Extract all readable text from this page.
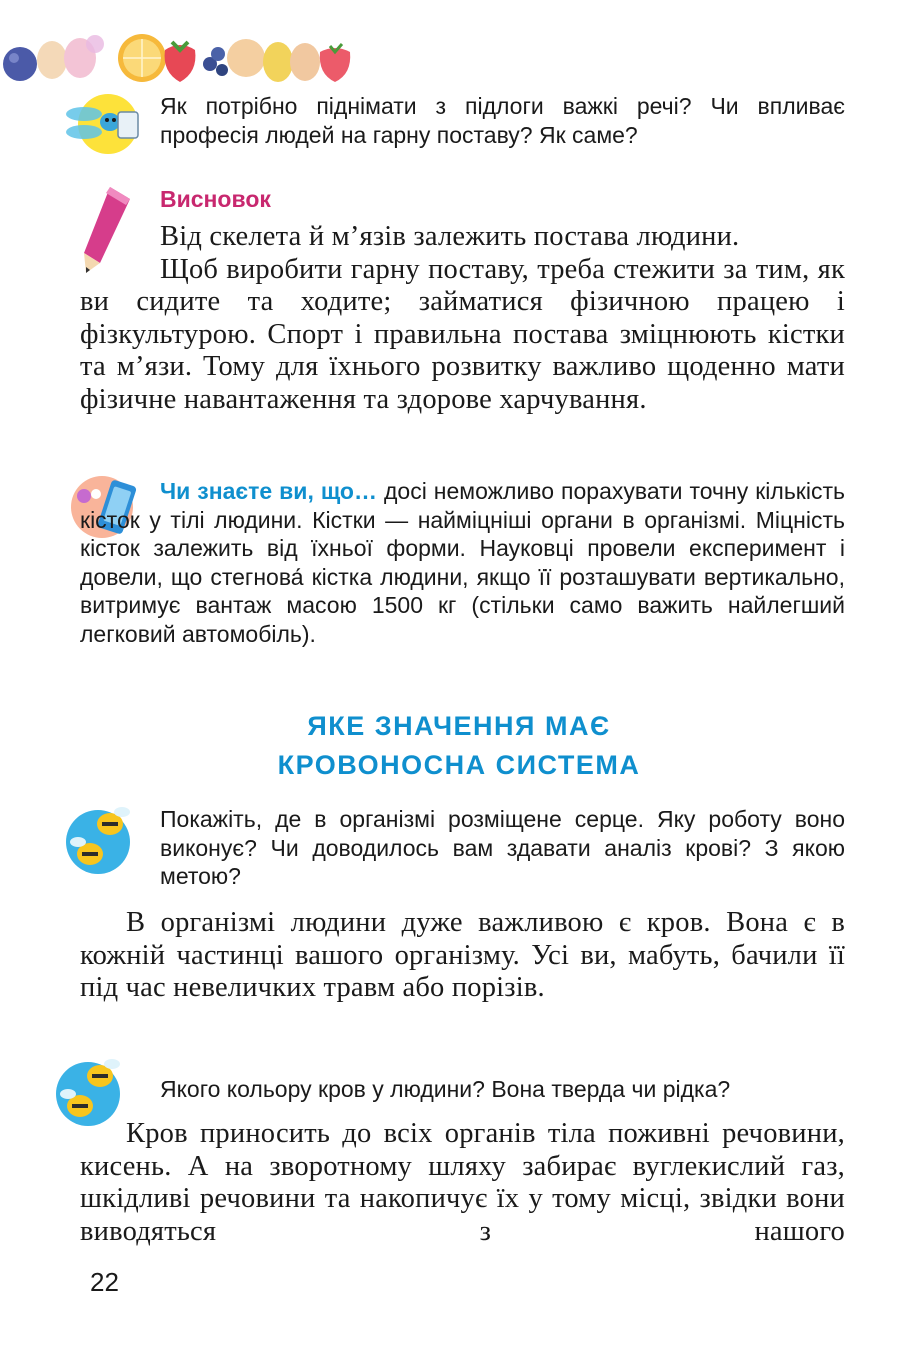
Як потрібно піднімати з підлоги важкі речі? Чи впливає професія людей на гарну поставу? Як саме?
Висновок

Від скелета й м’язів залежить постава людини.

Щоб виробити гарну поставу, треба стежити за тим, як ви сидите та ходите; займатися фізичною працею і фізкультурою. Спорт і правильна постава зміцнюють кістки та м’язи. Тому для їхнього розвитку важливо щоденно мати фізичне навантаження та здорове харчування.

Чи знаєте ви, що… досі неможливо порахувати точну кількість кісток у тілі людини. Кістки — найміцніші органи в організмі. Міцність кісток залежить від їхньої форми. Науковці провели експеримент і довели, що стегнова́ кістка людини, якщо її розташувати вертикально, витримує вантаж масою 1500 кг (стільки само важить найлегший легковий автомобіль).
ЯКЕ ЗНАЧЕННЯ МАЄ
КРОВОНОСНА СИСТЕМА
Покажіть, де в організмі розміщене серце. Яку роботу воно виконує? Чи доводилось вам здавати аналіз крові? З якою метою?

В організмі людини дуже важливою є кров. Вона є в кожній частинці вашого організму. Усі ви, мабуть, бачили її під час невеличких травм або порізів.

Якого кольору кров у людини? Вона тверда чи рідка?

Кров приносить до всіх органів тіла поживні речовини, кисень. А на зворотному шляху забирає вуглекислий газ, шкідливі речовини та накопичує їх у тому місці, звідки вони виводяться з нашого

22
